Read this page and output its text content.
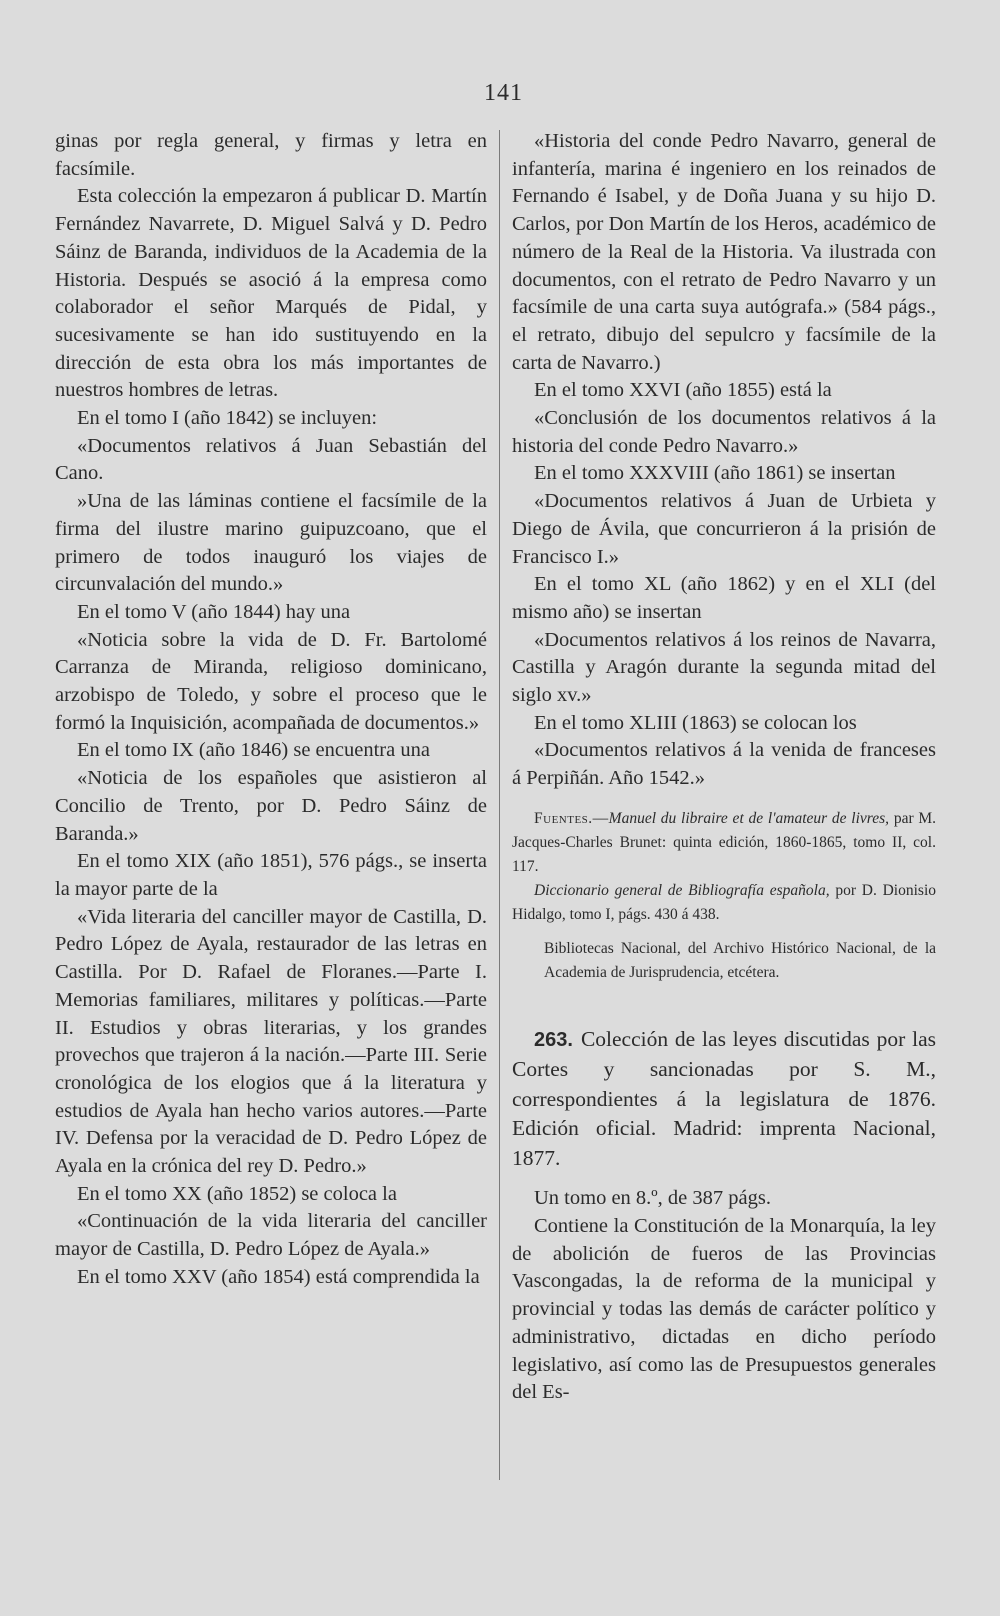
141

ginas por regla general, y firmas y letra en facsímile.

Esta colección la empezaron á publicar D. Martín Fernández Navarrete, D. Miguel Salvá y D. Pedro Sáinz de Baranda, individuos de la Academia de la Historia. Después se asoció á la empresa como colaborador el señor Marqués de Pidal, y sucesivamente se han ido sustituyendo en la dirección de esta obra los más importantes de nuestros hombres de letras.

En el tomo I (año 1842) se incluyen:

«Documentos relativos á Juan Sebastián del Cano.

»Una de las láminas contiene el facsímile de la firma del ilustre marino guipuzcoano, que el primero de todos inauguró los viajes de circunvalación del mundo.»

En el tomo V (año 1844) hay una

«Noticia sobre la vida de D. Fr. Bartolomé Carranza de Miranda, religioso dominicano, arzobispo de Toledo, y sobre el proceso que le formó la Inquisición, acompañada de documentos.»

En el tomo IX (año 1846) se encuentra una

«Noticia de los españoles que asistieron al Concilio de Trento, por D. Pedro Sáinz de Baranda.»

En el tomo XIX (año 1851), 576 págs., se inserta la mayor parte de la

«Vida literaria del canciller mayor de Castilla, D. Pedro López de Ayala, restaurador de las letras en Castilla. Por D. Rafael de Floranes.—Parte I. Memorias familiares, militares y políticas.—Parte II. Estudios y obras literarias, y los grandes provechos que trajeron á la nación.—Parte III. Serie cronológica de los elogios que á la literatura y estudios de Ayala han hecho varios autores.—Parte IV. Defensa por la veracidad de D. Pedro López de Ayala en la crónica del rey D. Pedro.»

En el tomo XX (año 1852) se coloca la

«Continuación de la vida literaria del canciller mayor de Castilla, D. Pedro López de Ayala.»

En el tomo XXV (año 1854) está comprendida la

«Historia del conde Pedro Navarro, general de infantería, marina é ingeniero en los reinados de Fernando é Isabel, y de Doña Juana y su hijo D. Carlos, por Don Martín de los Heros, académico de número de la Real de la Historia. Va ilustrada con documentos, con el retrato de Pedro Navarro y un facsímile de una carta suya autógrafa.» (584 págs., el retrato, dibujo del sepulcro y facsímile de la carta de Navarro.)

En el tomo XXVI (año 1855) está la

«Conclusión de los documentos relativos á la historia del conde Pedro Navarro.»

En el tomo XXXVIII (año 1861) se insertan

«Documentos relativos á Juan de Urbieta y Diego de Ávila, que concurrieron á la prisión de Francisco I.»

En el tomo XL (año 1862) y en el XLI (del mismo año) se insertan

«Documentos relativos á los reinos de Navarra, Castilla y Aragón durante la segunda mitad del siglo xv.»

En el tomo XLIII (1863) se colocan los

«Documentos relativos á la venida de franceses á Perpiñán. Año 1542.»

Fuentes.—Manuel du libraire et de l'amateur de livres, par M. Jacques-Charles Brunet: quinta edición, 1860-1865, tomo II, col. 117.
Diccionario general de Bibliografía española, por D. Dionisio Hidalgo, tomo I, págs. 430 á 438.
Bibliotecas Nacional, del Archivo Histórico Nacional, de la Academia de Jurisprudencia, etcétera.
263. Colección de las leyes discutidas por las Cortes y sancionadas por S. M., correspondientes á la legislatura de 1876. Edición oficial. Madrid: imprenta Nacional, 1877.

Un tomo en 8.º, de 387 págs.

Contiene la Constitución de la Monarquía, la ley de abolición de fueros de las Provincias Vascongadas, la de reforma de la municipal y provincial y todas las demás de carácter político y administrativo, dictadas en dicho período legislativo, así como las de Presupuestos generales del Es-
